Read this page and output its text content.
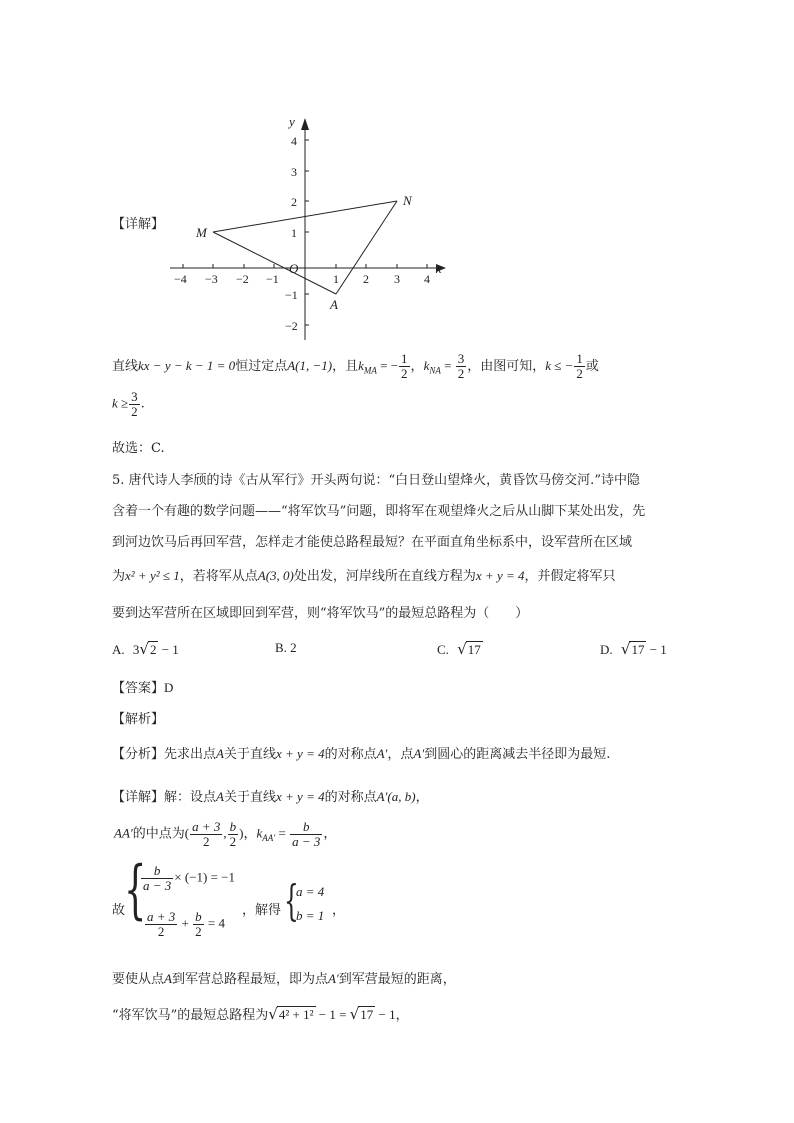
−4 −3 −2 −1	1 2 3 4
4
3
2
1
−1
−2
y
x
O
M
N
A
【详解】
直线kx − y − k − 1 = 0恒过定点A(1, −1)，且$k_{MA}$ = − $\frac{1}{2}$ ，$k_{NA} = \frac{3}{2}$ ，由图可知，k ≤ − $\frac{1}{2}$ 或
$k \ge \frac{3}{2}$ .
故选：C.
5. 唐代诗人李颀的诗《古从军行》开头两句说：“白日登山望烽火，黄昏饮马傍交河.”诗中隐
含着一个有趣的数学问题——“将军饮马”问题，即将军在观望烽火之后从山脚下某处出发，先
到河边饮马后再回军营，怎样走才能使总路程最短？在平面直角坐标系中，设军营所在区域
为x² + y² ≤ 1，若将军从点A(3, 0)处出发，河岸线所在直线方程为x + y = 4，并假定将军只
要到达军营所在区域即回到军营，则“将军饮马”的最短总路程为（　　）
A. 3√2 − 1	B. 2	C. √17	D. √17 − 1
【答案】D
【解析】
【分析】先求出点A关于直线x + y = 4的对称点A′，点A′到圆心的距离减去半径即为最短.
【详解】解：设点A关于直线x + y = 4的对称点A′(a, b)，
AA′的中点为( $\frac{a + 3}{2}$ , $\frac{b}{2}$ )，$k_{AA'} = \frac{b}{a - 3}$ ，
故
{
$\frac{b}{a - 3} \times (-1) = -1$
$\frac{a + 3}{2} + \frac{b}{2} = 4$
，解得 {
a = 4
b = 1 ，
要使从点A到军营总路程最短，即为点A′到军营最短的距离，
“将军饮马”的最短总路程为√4² + 1² − 1 = √17 − 1，
